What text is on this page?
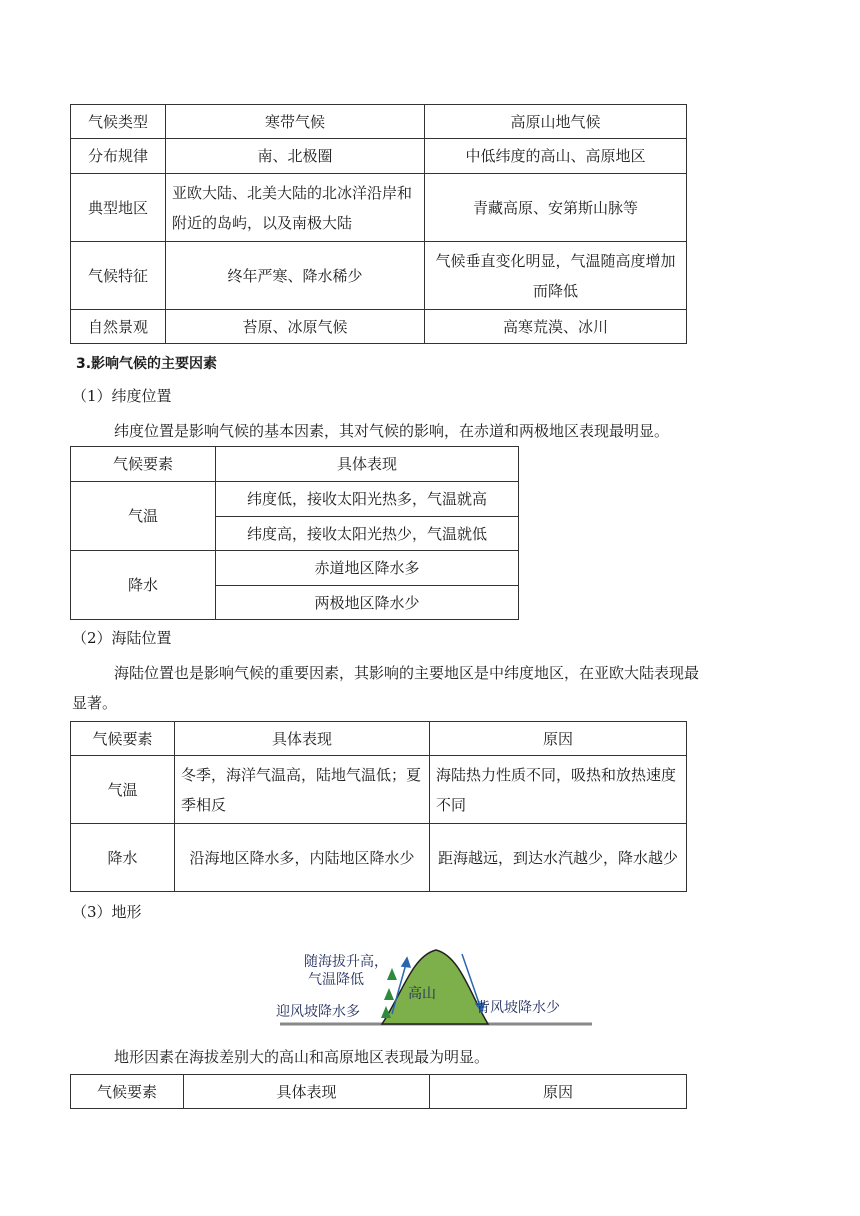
气候类型	寒带气候	高原山地气候
分布规律	南、北极圈	中低纬度的高山、高原地区
典型地区	亚欧大陆、北美大陆的北冰洋沿岸和附近的岛屿，以及南极大陆	青藏高原、安第斯山脉等
气候特征	终年严寒、降水稀少	气候垂直变化明显，气温随高度增加而降低
自然景观	苔原、冰原气候	高寒荒漠、冰川
3.影响气候的主要因素
（1）纬度位置
纬度位置是影响气候的基本因素，其对气候的影响，在赤道和两极地区表现最明显。
气候要素	具体表现
气温	纬度低，接收太阳光热多，气温就高
	纬度高，接收太阳光热少，气温就低
降水	赤道地区降水多
	两极地区降水少
（2）海陆位置
海陆位置也是影响气候的重要因素，其影响的主要地区是中纬度地区，在亚欧大陆表现最
显著。
气候要素	具体表现	原因
气温	冬季，海洋气温高，陆地气温低；夏季相反	海陆热力性质不同，吸热和放热速度不同
降水	沿海地区降水多，内陆地区降水少	距海越远，到达水汽越少，降水越少
（3）地形
随海拔升高，
气温降低
高山
迎风坡降水多	背风坡降水少
地形因素在海拔差别大的高山和高原地区表现最为明显。
气候要素	具体表现	原因
